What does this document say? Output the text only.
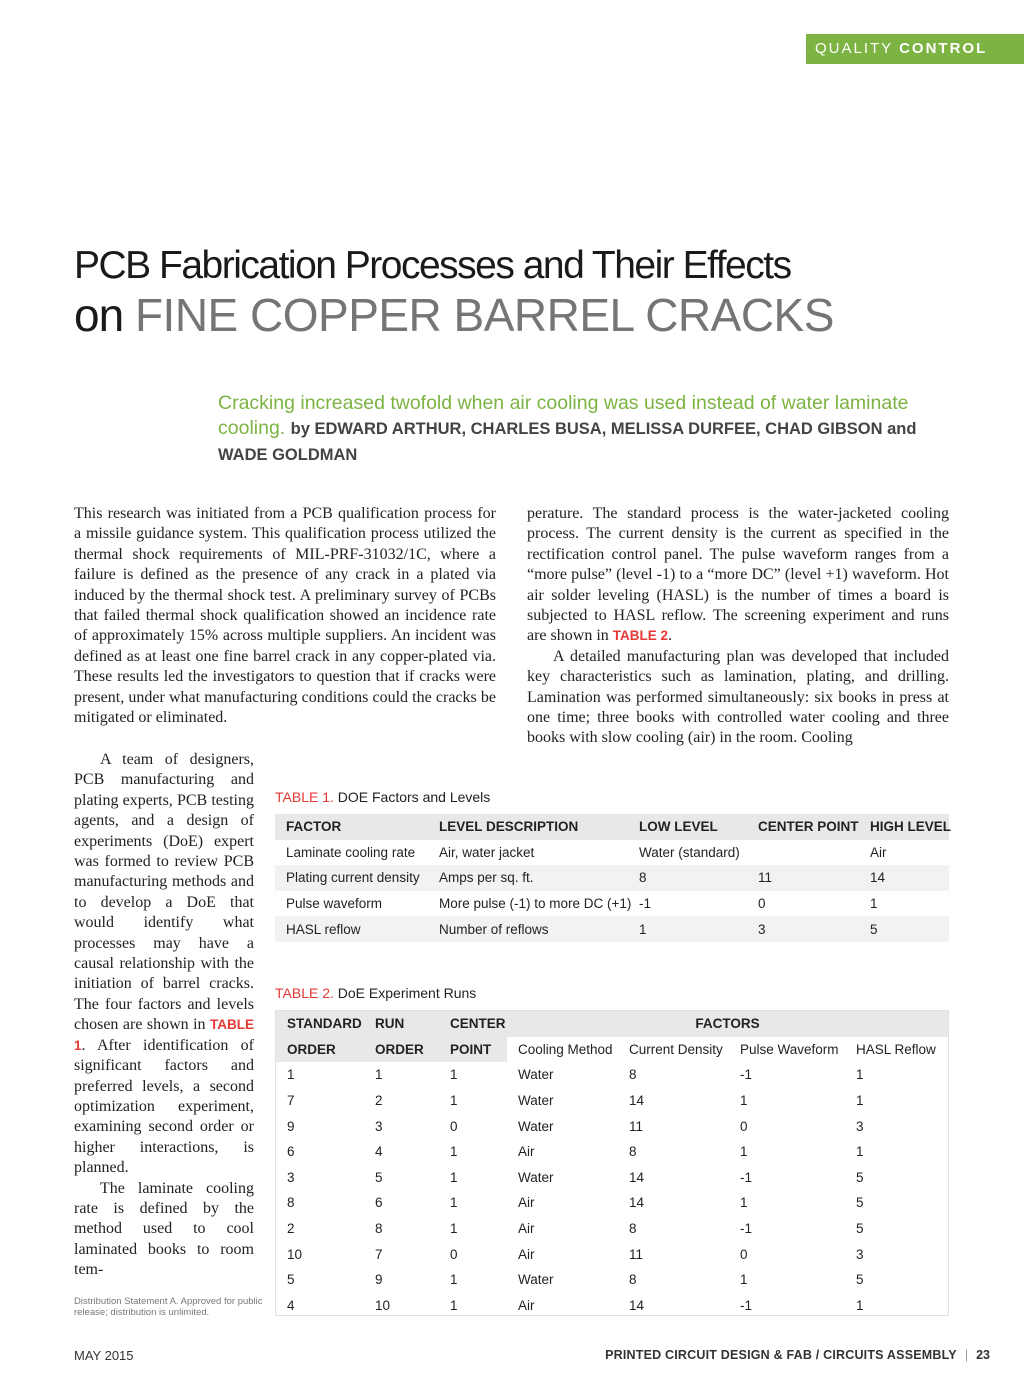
QUALITY CONTROL
PCB Fabrication Processes and Their Effects
on FINE COPPER BARREL CRACKS
Cracking increased twofold when air cooling was used instead of water laminate cooling. by EDWARD ARTHUR, CHARLES BUSA, MELISSA DURFEE, CHAD GIBSON and WADE GOLDMAN

This research was initiated from a PCB qualification process for a missile guidance system. This qualification process utilized the thermal shock requirements of MIL-PRF-31032/1C, where a failure is defined as the presence of any crack in a plated via induced by the thermal shock test. A preliminary survey of PCBs that failed thermal shock qualification showed an incidence rate of approximately 15% across multiple suppliers. An incident was defined as at least one fine barrel crack in any copper-plated via. These results led the investigators to question that if cracks were present, under what manufacturing conditions could the cracks be mitigated or eliminated.

A team of designers, PCB manufacturing and plating experts, PCB testing agents, and a design of experiments (DoE) expert was formed to review PCB manufacturing methods and to develop a DoE that would identify what processes may have a causal relationship with the initiation of barrel cracks. The four factors and levels chosen are shown in TABLE 1. After identification of significant factors and preferred levels, a second optimization experiment, examining second order or higher interactions, is planned.

The laminate cooling rate is defined by the method used to cool laminated books to room tem-

perature. The standard process is the water-jacketed cooling process. The current density is the current as specified in the rectification control panel. The pulse waveform ranges from a “more pulse” (level -1) to a “more DC” (level +1) waveform. Hot air solder leveling (HASL) is the number of times a board is subjected to HASL reflow. The screening experiment and runs are shown in TABLE 2.

A detailed manufacturing plan was developed that included key characteristics such as lamination, plating, and drilling. Lamination was performed simultaneously: six books in press at one time; three books with controlled water cooling and three books with slow cooling (air) in the room. Cooling

Distribution Statement A. Approved for public release; distribution is unlimited.
TABLE 1. DOE Factors and Levels
FACTOR	LEVEL DESCRIPTION	LOW LEVEL	CENTER POINT	HIGH LEVEL
Laminate cooling rate	Air, water jacket	Water (standard)		Air
Plating current density	Amps per sq. ft.	8	11	14
Pulse waveform	More pulse (-1) to more DC (+1)	-1	0	1
HASL reflow	Number of reflows	1	3	5
TABLE 2. DoE Experiment Runs
STANDARD	RUN	CENTER	FACTORS			
ORDER	ORDER	POINT	Cooling Method	Current Density	Pulse Waveform	HASL Reflow
1	1	1	Water	8	-1	1
7	2	1	Water	14	1	1
9	3	0	Water	11	0	3
6	4	1	Air	8	1	1
3	5	1	Water	14	-1	5
8	6	1	Air	14	1	5
2	8	1	Air	8	-1	5
10	7	0	Air	11	0	3
5	9	1	Water	8	1	5
4	10	1	Air	14	-1	1
MAY 2015	PRINTED CIRCUIT DESIGN & FAB / CIRCUITS ASSEMBLY | 23
